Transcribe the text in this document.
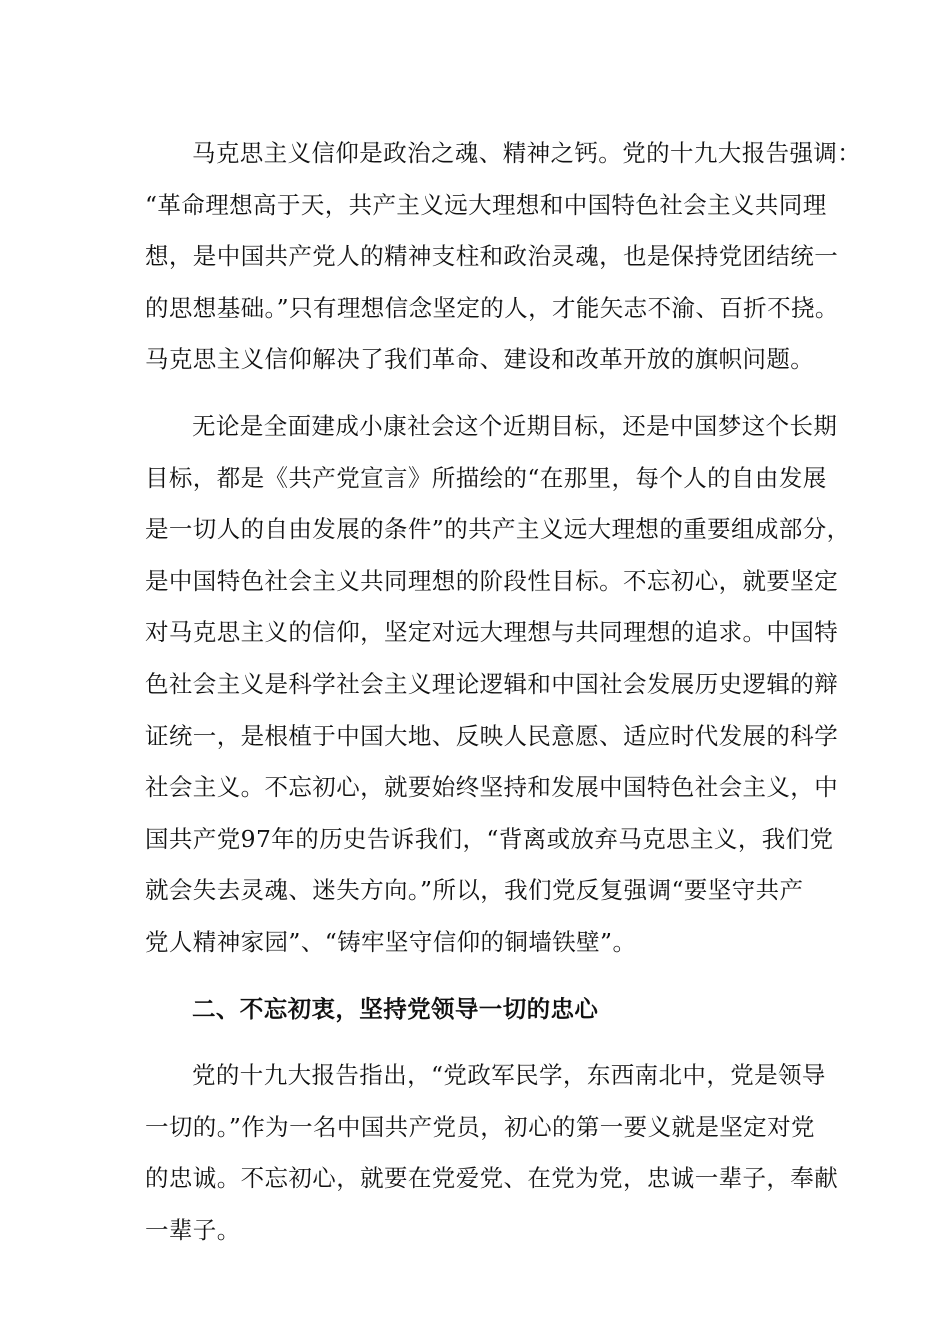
马克思主义信仰是政治之魂、精神之钙。党的十九大报告强调：
“革命理想高于天，共产主义远大理想和中国特色社会主义共同理
想，是中国共产党人的精神支柱和政治灵魂，也是保持党团结统一
的思想基础。”只有理想信念坚定的人，才能矢志不渝、百折不挠。
马克思主义信仰解决了我们革命、建设和改革开放的旗帜问题。
无论是全面建成小康社会这个近期目标，还是中国梦这个长期
目标，都是《共产党宣言》所描绘的“在那里，每个人的自由发展
是一切人的自由发展的条件”的共产主义远大理想的重要组成部分，
是中国特色社会主义共同理想的阶段性目标。不忘初心，就要坚定
对马克思主义的信仰，坚定对远大理想与共同理想的追求。中国特
色社会主义是科学社会主义理论逻辑和中国社会发展历史逻辑的辩
证统一，是根植于中国大地、反映人民意愿、适应时代发展的科学
社会主义。不忘初心，就要始终坚持和发展中国特色社会主义，中
国共产党97年的历史告诉我们，“背离或放弃马克思主义，我们党
就会失去灵魂、迷失方向。”所以，我们党反复强调“要坚守共产
党人精神家园”、“铸牢坚守信仰的铜墙铁壁”。
二、不忘初衷，坚持党领导一切的忠心
党的十九大报告指出，“党政军民学，东西南北中，党是领导
一切的。”作为一名中国共产党员，初心的第一要义就是坚定对党
的忠诚。不忘初心，就要在党爱党、在党为党，忠诚一辈子，奉献
一辈子。
